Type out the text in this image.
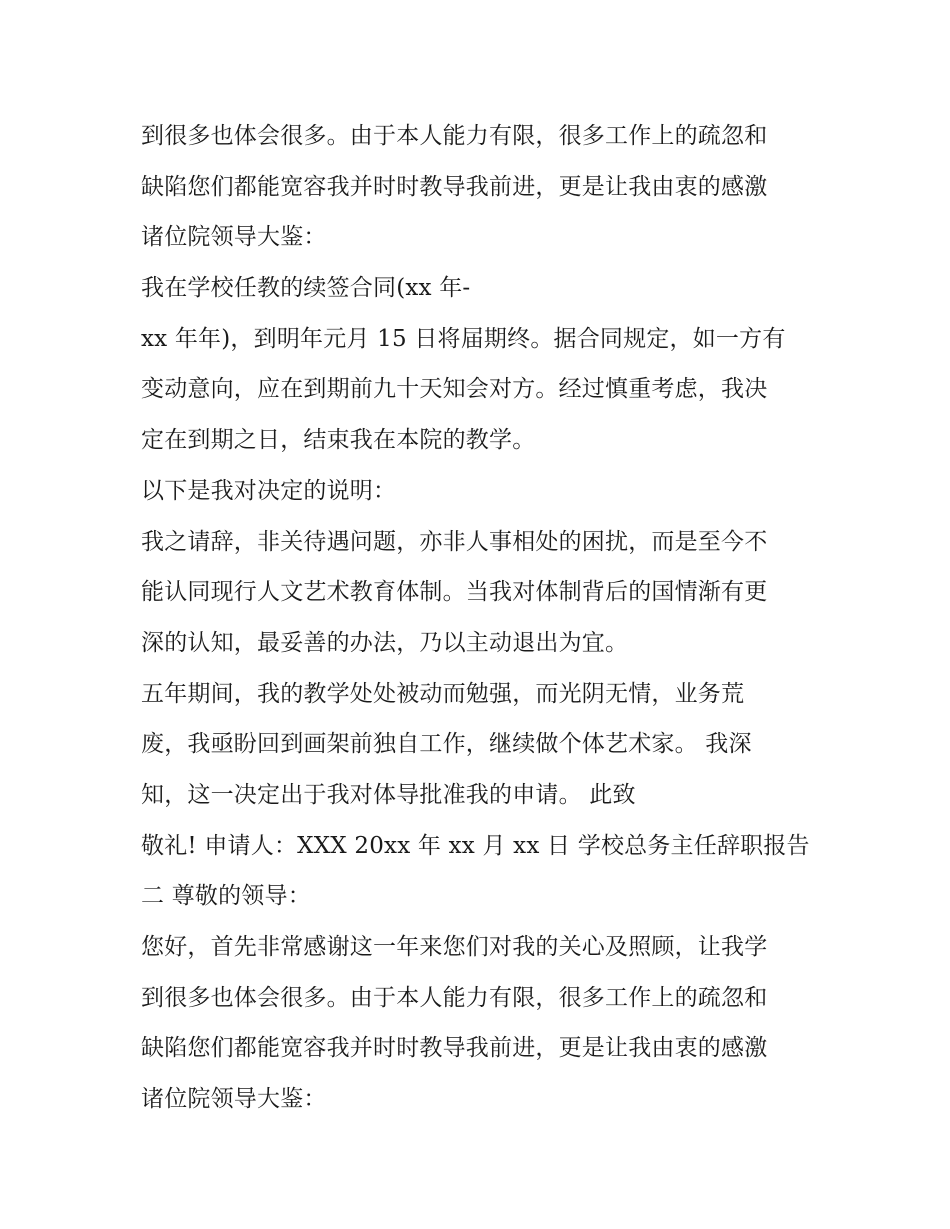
到很多也体会很多。由于本人能力有限，很多工作上的疏忽和
缺陷您们都能宽容我并时时教导我前进，更是让我由衷的感激
诸位院领导大鉴：
我在学校任教的续签合同(xx 年-
xx 年年)，到明年元月 15 日将届期终。据合同规定，如一方有
变动意向，应在到期前九十天知会对方。经过慎重考虑，我决
定在到期之日，结束我在本院的教学。
以下是我对决定的说明：
我之请辞，非关待遇问题，亦非人事相处的困扰，而是至今不
能认同现行人文艺术教育体制。当我对体制背后的国情渐有更
深的认知，最妥善的办法，乃以主动退出为宜。
五年期间，我的教学处处被动而勉强，而光阴无情，业务荒
废，我亟盼回到画架前独自工作，继续做个体艺术家。 我深
知，这一决定出于我对体导批准我的申请。 此致
敬礼! 申请人：XXX 20xx 年 xx 月 xx 日 学校总务主任辞职报告
二 尊敬的领导：
您好，首先非常感谢这一年来您们对我的关心及照顾，让我学
到很多也体会很多。由于本人能力有限，很多工作上的疏忽和
缺陷您们都能宽容我并时时教导我前进，更是让我由衷的感激
诸位院领导大鉴：
